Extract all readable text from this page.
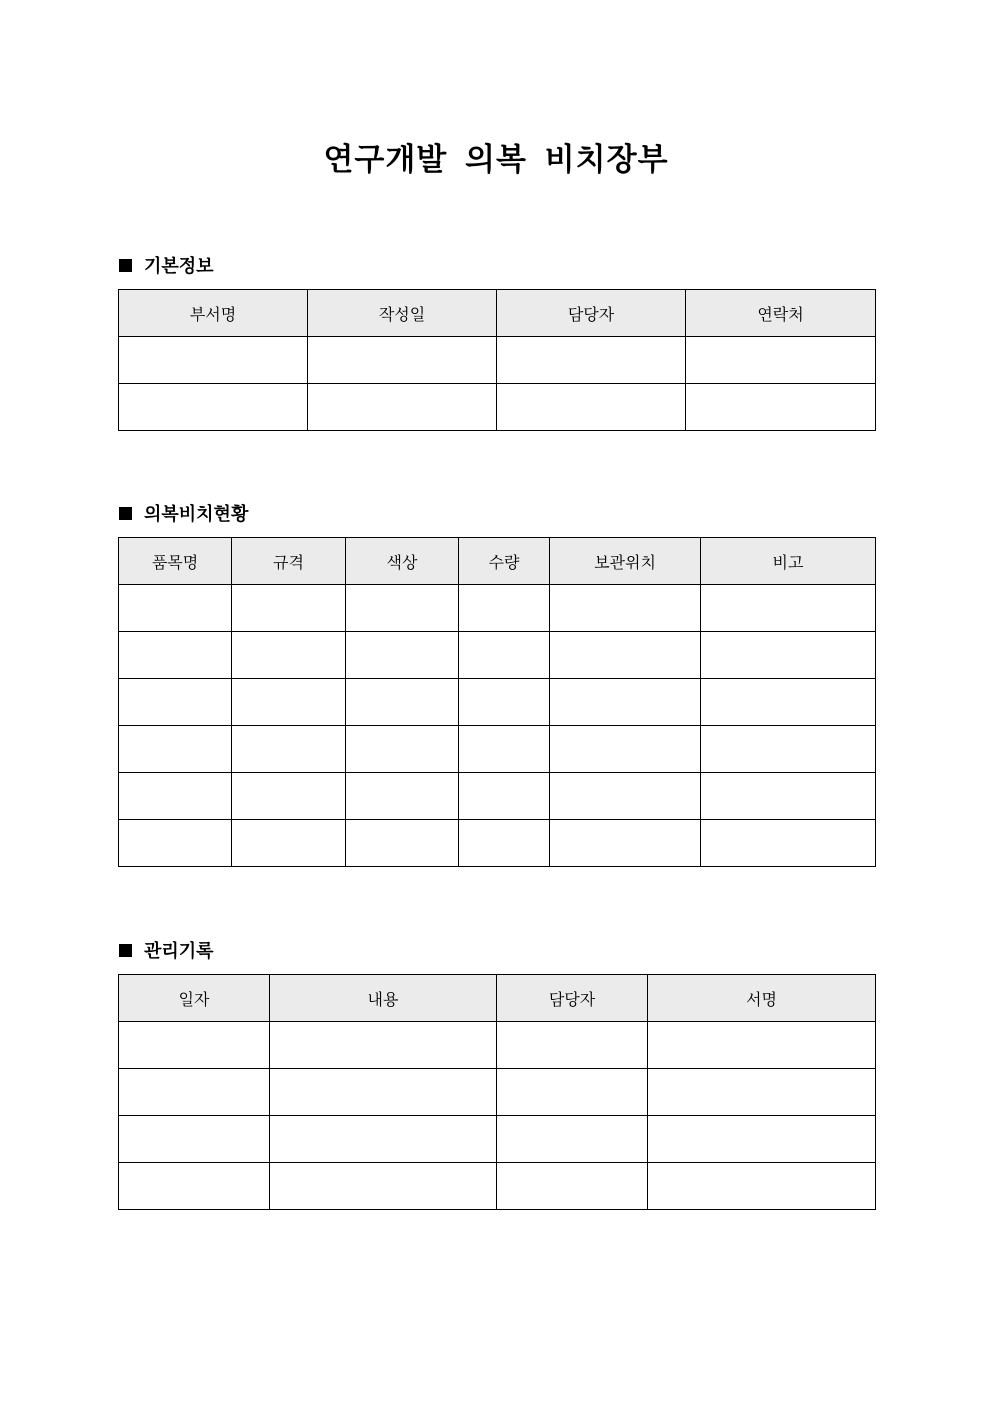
연구개발 의복 비치장부
기본정보
부서명	작성일	담당자	연락처

의복비치현황
품목명	규격	색상	수량	보관위치	비고

관리기록
일자	내용	담당자	서명
